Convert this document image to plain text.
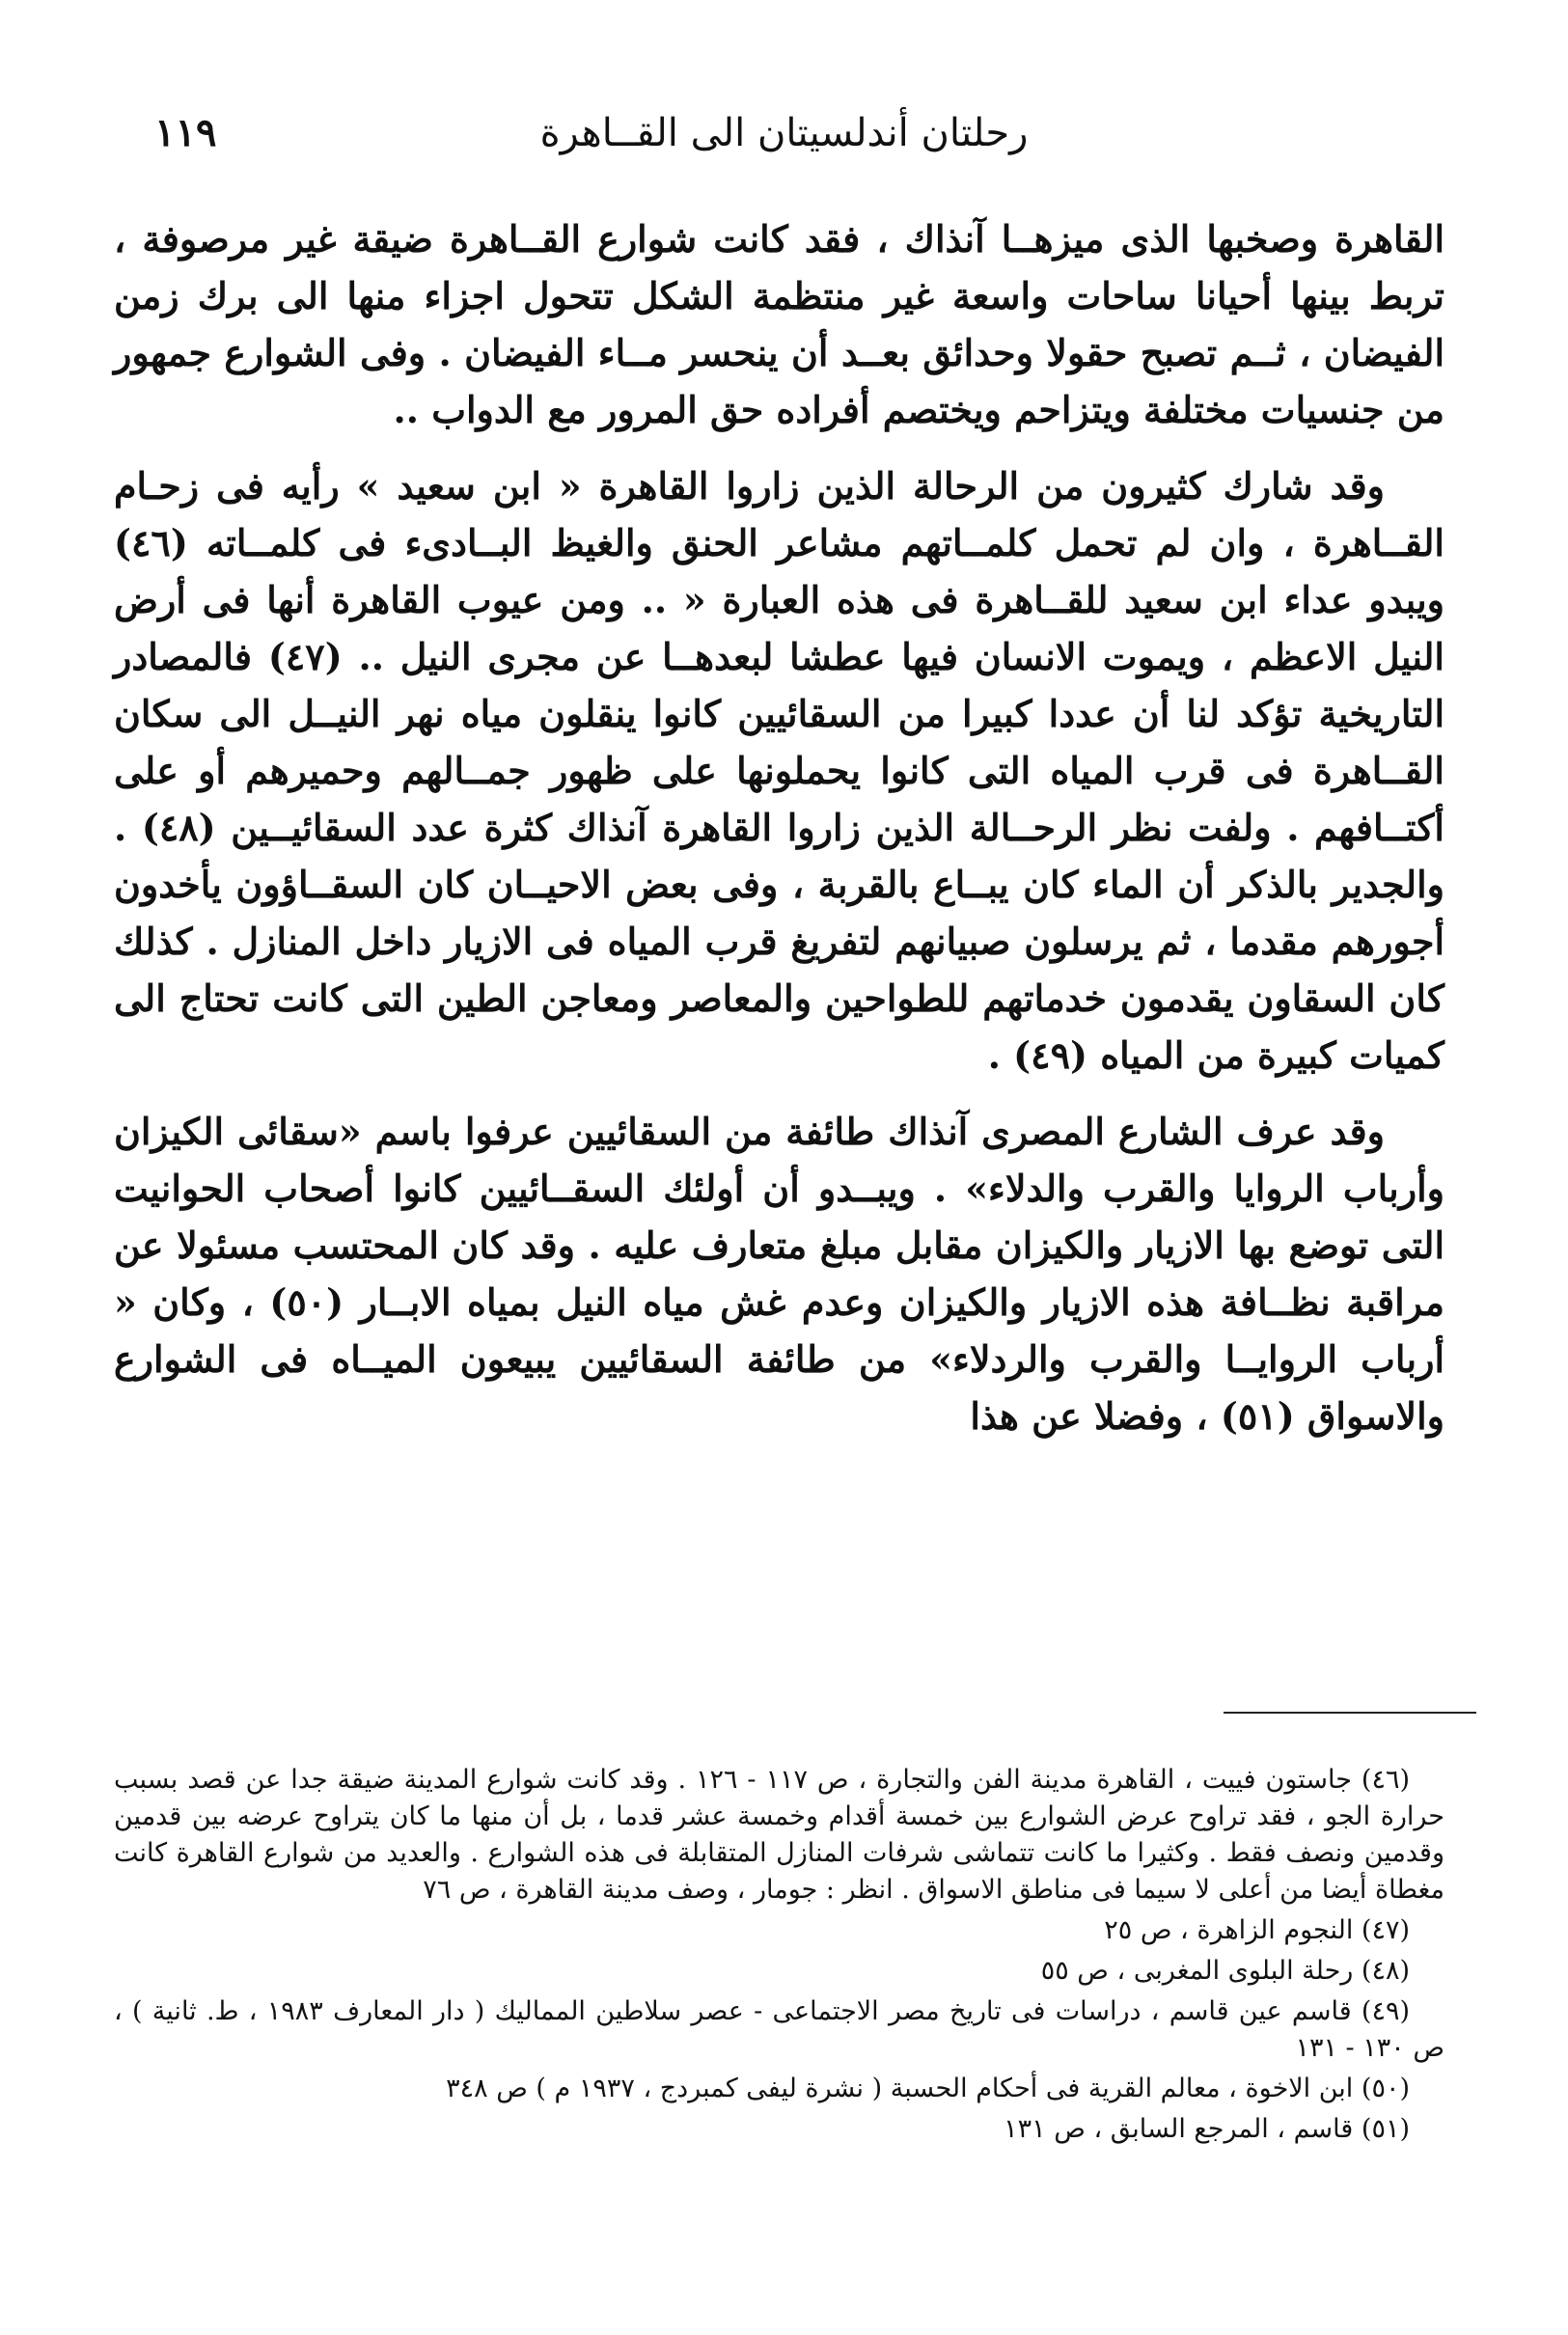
رحلتان أندلسيتان الى القــاهرة
١١٩

القاهرة وصخبها الذى ميزهــا آنذاك ، فقد كانت شوارع القــاهرة ضيقة غير مرصوفة ، تربط بينها أحيانا ساحات واسعة غير منتظمة الشكل تتحول اجزاء منها الى برك زمن الفيضان ، ثــم تصبح حقولا وحدائق بعــد أن ينحسر مــاء الفيضان . وفى الشوارع جمهور من جنسيات مختلفة ويتزاحم ويختصم أفراده حق المرور مع الدواب ..

وقد شارك كثيرون من الرحالة الذين زاروا القاهرة « ابن سعيد » رأيه فى زحـام القــاهرة ، وان لم تحمل كلمــاتهم مشاعر الحنق والغيظ البــادىء فى كلمــاته (٤٦) ويبدو عداء ابن سعيد للقــاهرة فى هذه العبارة « .. ومن عيوب القاهرة أنها فى أرض النيل الاعظم ، ويموت الانسان فيها عطشا لبعدهــا عن مجرى النيل .. (٤٧) فالمصادر التاريخية تؤكد لنا أن عددا كبيرا من السقائيين كانوا ينقلون مياه نهر النيــل الى سكان القــاهرة فى قرب المياه التى كانوا يحملونها على ظهور جمــالهم وحميرهم أو على أكتــافهم . ولفت نظر الرحــالة الذين زاروا القاهرة آنذاك كثرة عدد السقائيــين (٤٨) . والجدير بالذكر أن الماء كان يبــاع بالقربة ، وفى بعض الاحيــان كان السقــاؤون يأخدون أجورهم مقدما ، ثم يرسلون صبيانهم لتفريغ قرب المياه فى الازيار داخل المنازل . كذلك كان السقاون يقدمون خدماتهم للطواحين والمعاصر ومعاجن الطين التى كانت تحتاج الى كميات كبيرة من المياه (٤٩) .

وقد عرف الشارع المصرى آنذاك طائفة من السقائيين عرفوا باسم «سقائى الكيزان وأرباب الروايا والقرب والدلاء» . ويبــدو أن أولئك السقــائيين كانوا أصحاب الحوانيت التى توضع بها الازيار والكيزان مقابل مبلغ متعارف عليه . وقد كان المحتسب مسئولا عن مراقبة نظــافة هذه الازيار والكيزان وعدم غش مياه النيل بمياه الابــار (٥٠) ، وكان « أرباب الروايــا والقرب والردلاء» من طائفة السقائيين يبيعون الميــاه فى الشوارع والاسواق (٥١) ، وفضلا عن هذا

(٤٦) جاستون فييت ، القاهرة مدينة الفن والتجارة ، ص ١١٧ - ١٢٦ . وقد كانت شوارع المدينة ضيقة جدا عن قصد بسبب حرارة الجو ، فقد تراوح عرض الشوارع بين خمسة أقدام وخمسة عشر قدما ، بل أن منها ما كان يتراوح عرضه بين قدمين وقدمين ونصف فقط . وكثيرا ما كانت تتماشى شرفات المنازل المتقابلة فى هذه الشوارع . والعديد من شوارع القاهرة كانت مغطاة أيضا من أعلى لا سيما فى مناطق الاسواق . انظر : جومار ، وصف مدينة القاهرة ، ص ٧٦
(٤٧) النجوم الزاهرة ، ص ٢٥
(٤٨) رحلة البلوى المغربى ، ص ٥٥
(٤٩) قاسم عين قاسم ، دراسات فى تاريخ مصر الاجتماعى - عصر سلاطين المماليك ( دار المعارف ١٩٨٣ ، ط. ثانية ) ، ص ١٣٠ - ١٣١
(٥٠) ابن الاخوة ، معالم القرية فى أحكام الحسبة ( نشرة ليفى كمبردج ، ١٩٣٧ م ) ص ٣٤٨
(٥١) قاسم ، المرجع السابق ، ص ١٣١
